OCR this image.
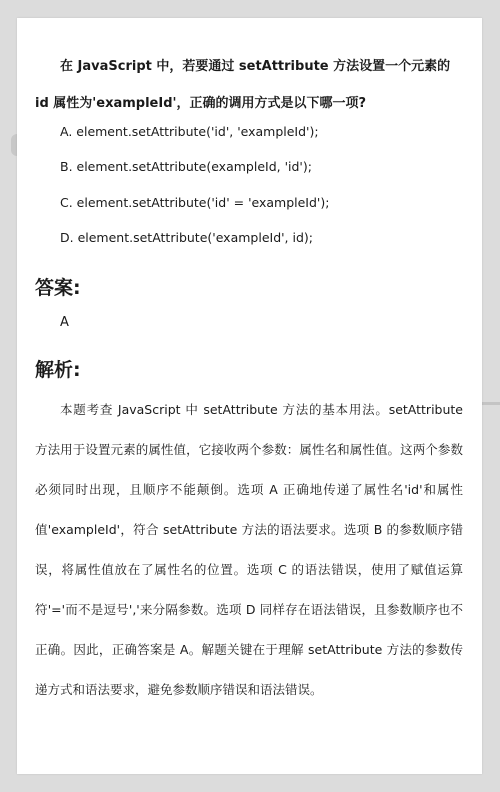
在 JavaScript 中，若要通过 setAttribute 方法设置一个元素的 id 属性为'exampleId'，正确的调用方式是以下哪一项?

A. element.setAttribute('id', 'exampleId');

B. element.setAttribute(exampleId, 'id');

C. element.setAttribute('id' = 'exampleId');

D. element.setAttribute('exampleId', id);

答案:

A

解析:

本题考查 JavaScript 中 setAttribute 方法的基本用法。setAttribute 方法用于设置元素的属性值，它接收两个参数：属性名和属性值。这两个参数必须同时出现，且顺序不能颠倒。选项 A 正确地传递了属性名'id'和属性值'exampleId'，符合 setAttribute 方法的语法要求。选项 B 的参数顺序错误，将属性值放在了属性名的位置。选项 C 的语法错误，使用了赋值运算符'='而不是逗号','来分隔参数。选项 D 同样存在语法错误，且参数顺序也不正确。因此，正确答案是 A。解题关键在于理解 setAttribute 方法的参数传递方式和语法要求，避免参数顺序错误和语法错误。
